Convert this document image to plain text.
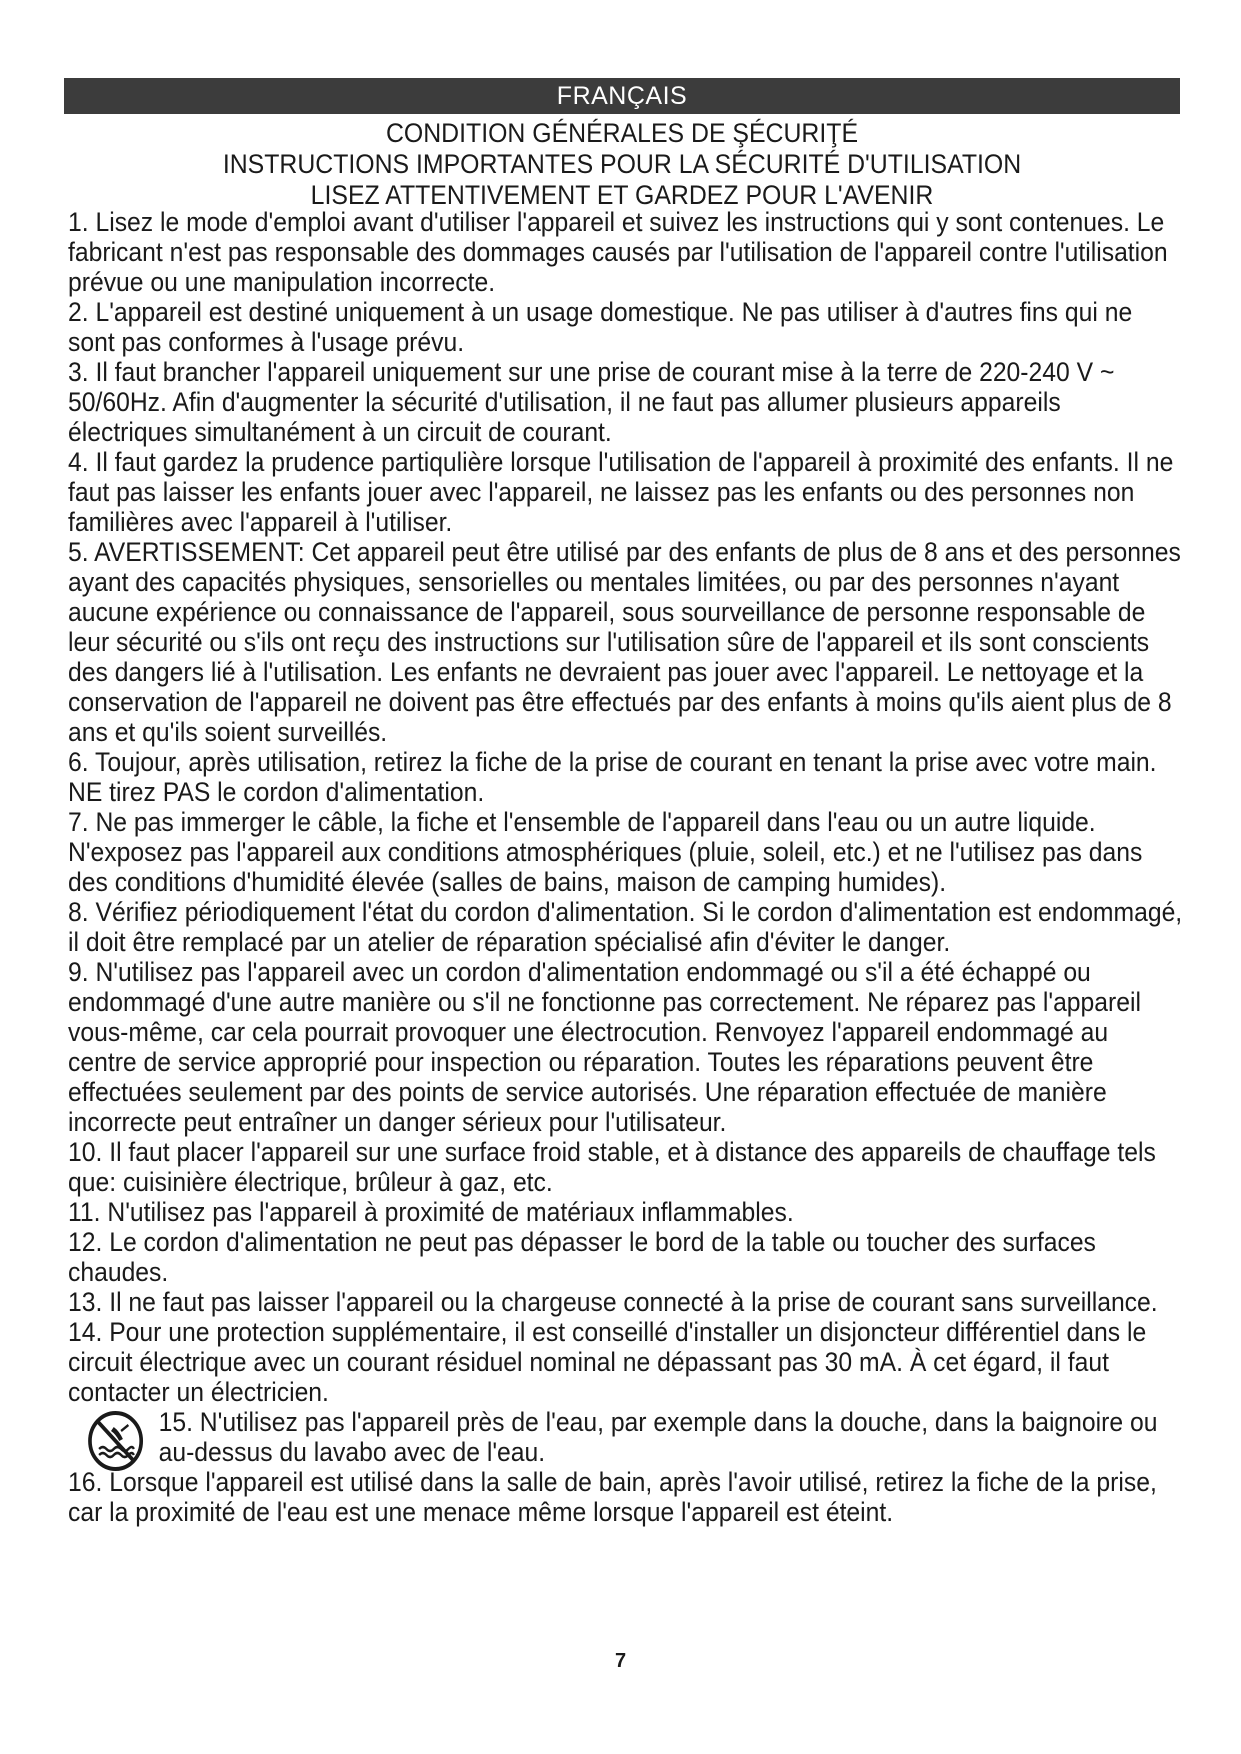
FRANÇAIS
CONDITION GÉNÉRALES DE ŞÉCURIŢÉ
INSTRUCTIONS IMPORTANTES POUR LA SÉCURITÉ D'UTILISATION
LISEZ ATTENTIVEMENT ET GARDEZ POUR L'AVENIR

1. Lisez le mode d'emploi avant d'utiliser l'appareil et suivez les instructions qui y sont contenues. Le fabricant n'est pas responsable des dommages causés par l'utilisation de l'appareil contre l'utilisation prévue ou une manipulation incorrecte.

2. L'appareil est destiné uniquement à un usage domestique. Ne pas utiliser à d'autres fins qui ne sont pas conformes à l'usage prévu.

3. Il faut brancher l'appareil uniquement sur une prise de courant mise à la terre de 220-240 V ~ 50/60Hz. Afin d'augmenter la sécurité d'utilisation, il ne faut pas allumer plusieurs appareils électriques simultanément à un circuit de courant.

4. Il faut gardez la prudence partiqulière lorsque l'utilisation de l'appareil à proximité des enfants. Il ne faut pas laisser les enfants jouer avec l'appareil, ne laissez pas les enfants ou des personnes non familières avec l'appareil à l'utiliser.

5. AVERTISSEMENT: Cet appareil peut être utilisé par des enfants de plus de 8 ans et des personnes ayant des capacités physiques, sensorielles ou mentales limitées, ou par des personnes n'ayant aucune expérience ou connaissance de l'appareil, sous sourveillance de personne responsable de leur sécurité ou s'ils ont reçu des instructions sur l'utilisation sûre de l'appareil et ils sont conscients des dangers lié à l'utilisation. Les enfants ne devraient pas jouer avec l'appareil. Le nettoyage et la conservation de l'appareil ne doivent pas être effectués par des enfants à moins qu'ils aient plus de 8 ans et qu'ils soient surveillés.

6. Toujour, après utilisation, retirez la fiche de la prise de courant en tenant la prise avec votre main. NE tirez PAS le cordon d'alimentation.

7. Ne pas immerger le câble, la fiche et l'ensemble de l'appareil dans l'eau ou un autre liquide. N'exposez pas l'appareil aux conditions atmosphériques (pluie, soleil, etc.) et ne l'utilisez pas dans des conditions d'humidité élevée (salles de bains, maison de camping humides).

8. Vérifiez périodiquement l'état du cordon d'alimentation. Si le cordon d'alimentation est endommagé, il doit être remplacé par un atelier de réparation spécialisé afin d'éviter le danger.

9. N'utilisez pas l'appareil avec un cordon d'alimentation endommagé ou s'il a été échappé ou endommagé d'une autre manière ou s'il ne fonctionne pas correctement. Ne réparez pas l'appareil vous-même, car cela pourrait provoquer une électrocution. Renvoyez l'appareil endommagé au centre de service approprié pour inspection ou réparation. Toutes les réparations peuvent être effectuées seulement par des points de service autorisés. Une réparation effectuée de manière incorrecte peut entraîner un danger sérieux pour l'utilisateur.

10. Il faut placer l'appareil sur une surface froid stable, et à distance des appareils de chauffage tels que: cuisinière électrique, brûleur à gaz, etc.

11. N'utilisez pas l'appareil à proximité de matériaux inflammables.

12. Le cordon d'alimentation ne peut pas dépasser le bord de la table ou toucher des surfaces chaudes.

13. Il ne faut pas laisser l'appareil ou la chargeuse connecté à la prise de courant sans surveillance.

14. Pour une protection supplémentaire, il est conseillé d'installer un disjoncteur différentiel dans le circuit électrique avec un courant résiduel nominal ne dépassant pas 30 mA. À cet égard, il faut contacter un électricien.

15. N'utilisez pas l'appareil près de l'eau, par exemple dans la douche, dans la baignoire ou au-dessus du lavabo avec de l'eau.

16. Lorsque l'appareil est utilisé dans la salle de bain, après l'avoir utilisé, retirez la fiche de la prise, car la proximité de l'eau est une menace même lorsque l'appareil est éteint.

7
